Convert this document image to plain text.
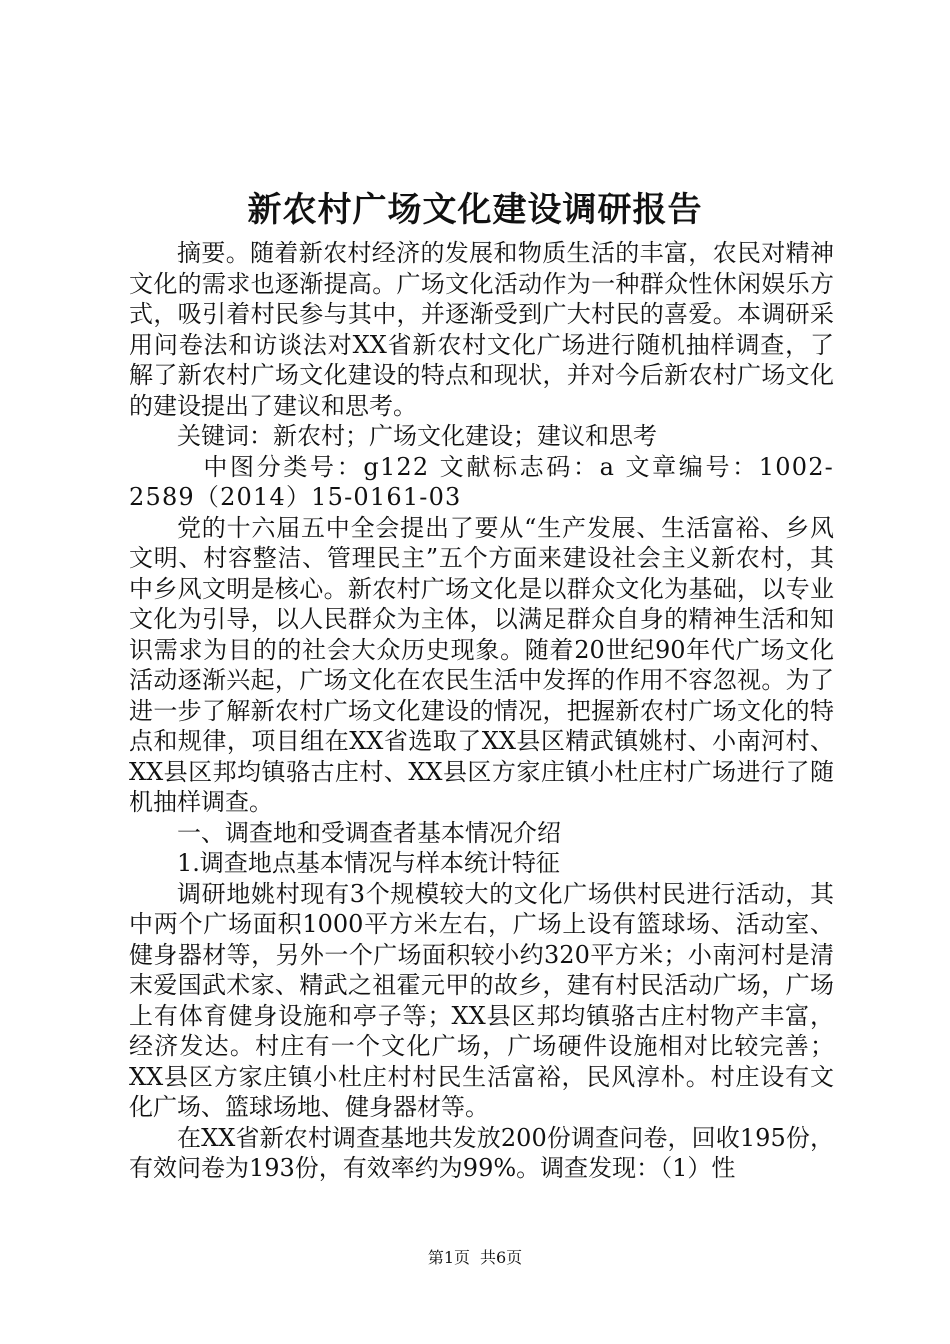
新农村广场文化建设调研报告

摘要。随着新农村经济的发展和物质生活的丰富，农民对精神文化的需求也逐渐提高。广场文化活动作为一种群众性休闲娱乐方式，吸引着村民参与其中，并逐渐受到广大村民的喜爱。本调研采用问卷法和访谈法对XX省新农村文化广场进行随机抽样调查，了解了新农村广场文化建设的特点和现状，并对今后新农村广场文化的建设提出了建议和思考。

关键词：新农村；广场文化建设；建议和思考

中图分类号：g122 文献标志码：a 文章编号：1002-2589（2014）15-0161-03

党的十六届五中全会提出了要从“生产发展、生活富裕、乡风文明、村容整洁、管理民主”五个方面来建设社会主义新农村，其中乡风文明是核心。新农村广场文化是以群众文化为基础，以专业文化为引导，以人民群众为主体，以满足群众自身的精神生活和知识需求为目的的社会大众历史现象。随着20世纪90年代广场文化活动逐渐兴起，广场文化在农民生活中发挥的作用不容忽视。为了进一步了解新农村广场文化建设的情况，把握新农村广场文化的特点和规律，项目组在XX省选取了XX县区精武镇姚村、小南河村、XX县区邦均镇骆古庄村、XX县区方家庄镇小杜庄村广场进行了随机抽样调查。

一、调查地和受调查者基本情况介绍

1.调查地点基本情况与样本统计特征

调研地姚村现有3个规模较大的文化广场供村民进行活动，其中两个广场面积1000平方米左右，广场上设有篮球场、活动室、健身器材等，另外一个广场面积较小约320平方米；小南河村是清末爱国武术家、精武之祖霍元甲的故乡，建有村民活动广场，广场上有体育健身设施和亭子等；XX县区邦均镇骆古庄村物产丰富，经济发达。村庄有一个文化广场，广场硬件设施相对比较完善；XX县区方家庄镇小杜庄村村民生活富裕，民风淳朴。村庄设有文化广场、篮球场地、健身器材等。

在XX省新农村调查基地共发放200份调查问卷，回收195份，有效问卷为193份，有效率约为99%。调查发现：（1）性

第1页 共6页
